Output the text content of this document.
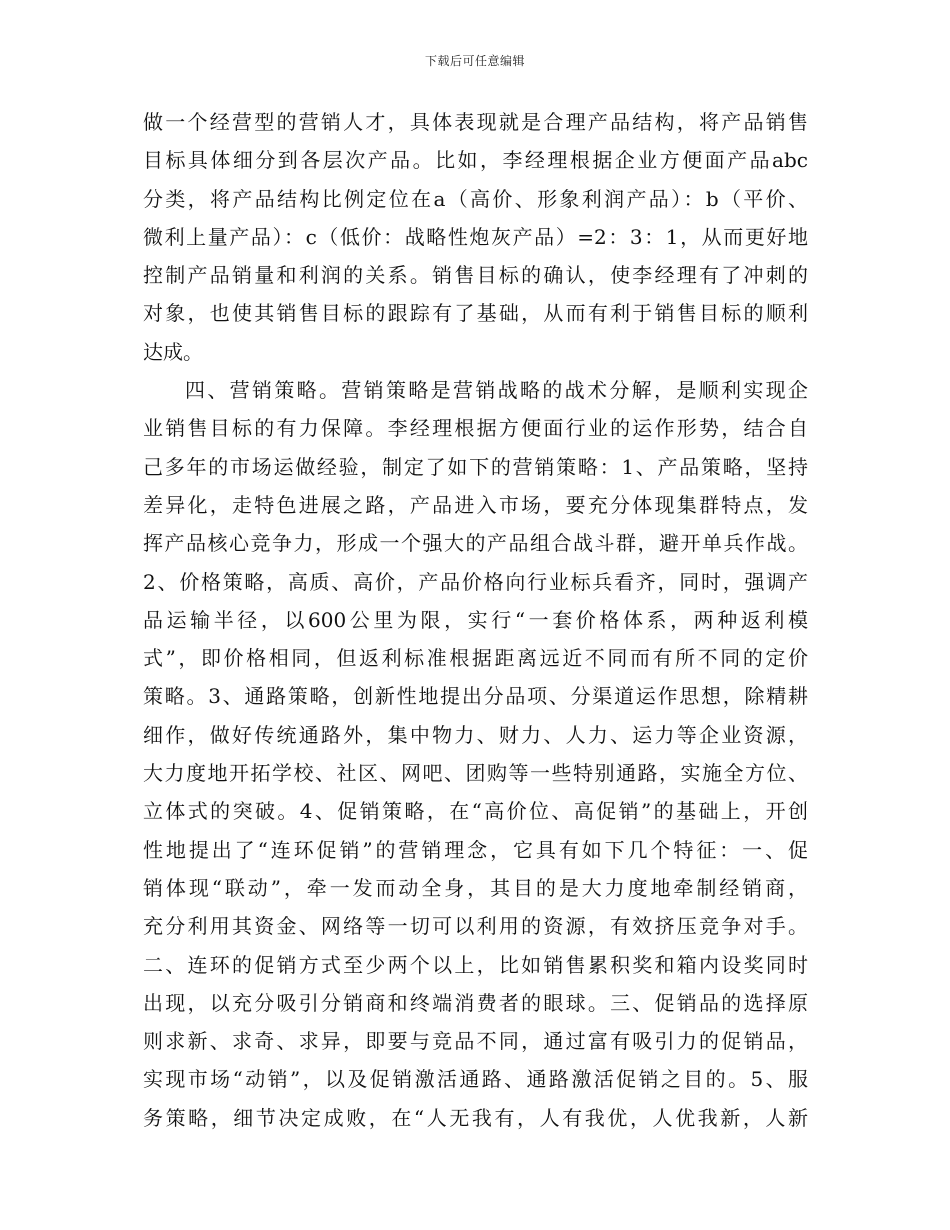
下载后可任意编辑
做一个经营型的营销人才，具体表现就是合理产品结构，将产品销售
目标具体细分到各层次产品。比如，李经理根据企业方便面产品abc
分类，将产品结构比例定位在a（高价、形象利润产品）：b（平价、
微利上量产品）：c（低价：战略性炮灰产品）=2：3：1，从而更好地
控制产品销量和利润的关系。销售目标的确认，使李经理有了冲刺的
对象，也使其销售目标的跟踪有了基础，从而有利于销售目标的顺利
达成。
四、营销策略。营销策略是营销战略的战术分解，是顺利实现企
业销售目标的有力保障。李经理根据方便面行业的运作形势，结合自
己多年的市场运做经验，制定了如下的营销策略：1、产品策略，坚持
差异化，走特色进展之路，产品进入市场，要充分体现集群特点，发
挥产品核心竞争力，形成一个强大的产品组合战斗群，避开单兵作战。
2、价格策略，高质、高价，产品价格向行业标兵看齐，同时，强调产
品运输半径，以600公里为限，实行“一套价格体系，两种返利模
式”，即价格相同，但返利标准根据距离远近不同而有所不同的定价
策略。3、通路策略，创新性地提出分品项、分渠道运作思想，除精耕
细作，做好传统通路外，集中物力、财力、人力、运力等企业资源，
大力度地开拓学校、社区、网吧、团购等一些特别通路，实施全方位、
立体式的突破。4、促销策略，在“高价位、高促销”的基础上，开创
性地提出了“连环促销”的营销理念，它具有如下几个特征：一、促
销体现“联动”，牵一发而动全身，其目的是大力度地牵制经销商，
充分利用其资金、网络等一切可以利用的资源，有效挤压竞争对手。
二、连环的促销方式至少两个以上，比如销售累积奖和箱内设奖同时
出现，以充分吸引分销商和终端消费者的眼球。三、促销品的选择原
则求新、求奇、求异，即要与竞品不同，通过富有吸引力的促销品，
实现市场“动销”，以及促销激活通路、通路激活促销之目的。5、服
务策略，细节决定成败，在“人无我有，人有我优，人优我新，人新
